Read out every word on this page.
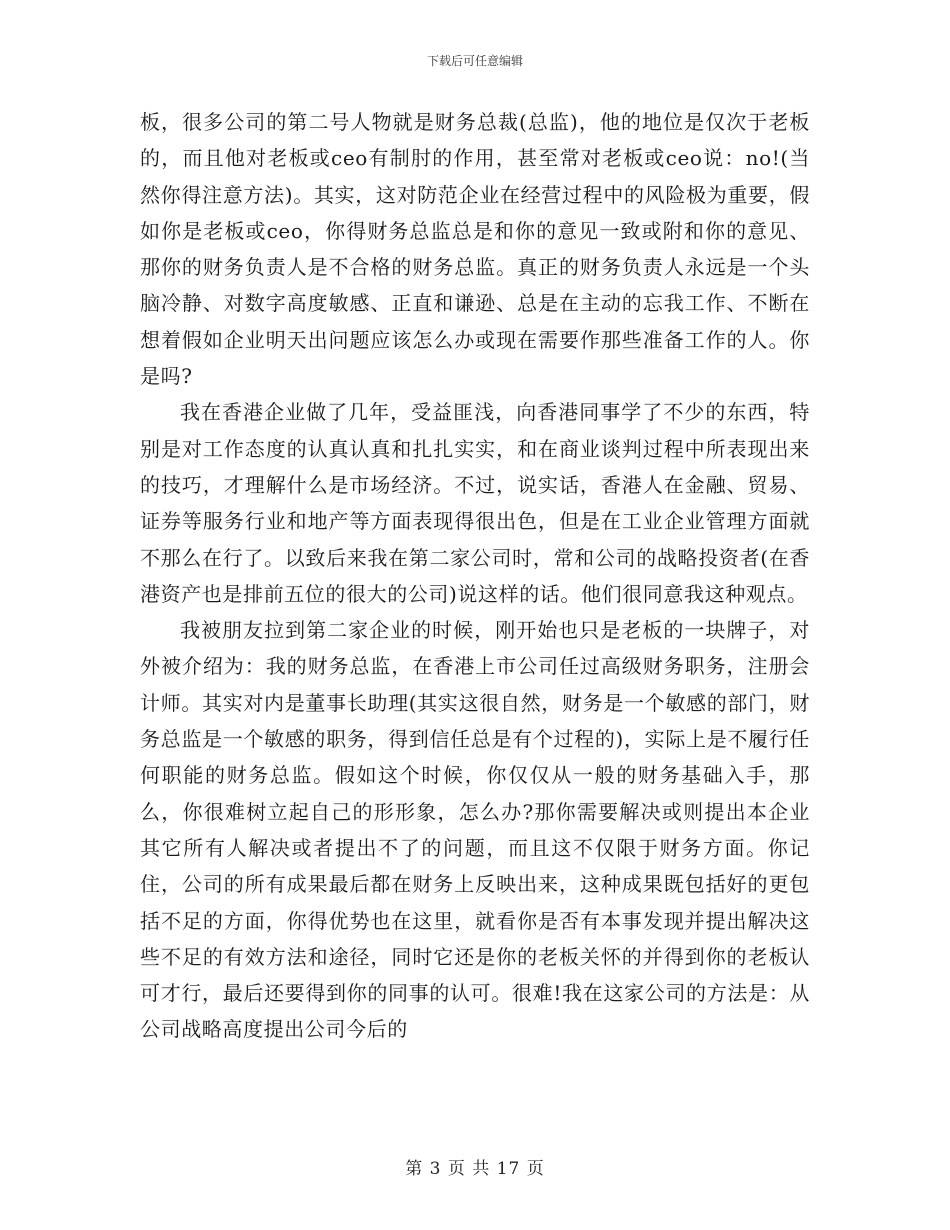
下载后可任意编辑

板，很多公司的第二号人物就是财务总裁(总监)，他的地位是仅次于老板的，而且他对老板或ceo有制肘的作用，甚至常对老板或ceo说：no!(当然你得注意方法)。其实，这对防范企业在经营过程中的风险极为重要，假如你是老板或ceo，你得财务总监总是和你的意见一致或附和你的意见、那你的财务负责人是不合格的财务总监。真正的财务负责人永远是一个头脑冷静、对数字高度敏感、正直和谦逊、总是在主动的忘我工作、不断在想着假如企业明天出问题应该怎么办或现在需要作那些准备工作的人。你是吗?

我在香港企业做了几年，受益匪浅，向香港同事学了不少的东西，特别是对工作态度的认真认真和扎扎实实，和在商业谈判过程中所表现出来的技巧，才理解什么是市场经济。不过，说实话，香港人在金融、贸易、证券等服务行业和地产等方面表现得很出色，但是在工业企业管理方面就不那么在行了。以致后来我在第二家公司时，常和公司的战略投资者(在香港资产也是排前五位的很大的公司)说这样的话。他们很同意我这种观点。

我被朋友拉到第二家企业的时候，刚开始也只是老板的一块牌子，对外被介绍为：我的财务总监，在香港上市公司任过高级财务职务，注册会计师。其实对内是董事长助理(其实这很自然，财务是一个敏感的部门，财务总监是一个敏感的职务，得到信任总是有个过程的)，实际上是不履行任何职能的财务总监。假如这个时候，你仅仅从一般的财务基础入手，那么，你很难树立起自己的形形象，怎么办?那你需要解决或则提出本企业其它所有人解决或者提出不了的问题，而且这不仅限于财务方面。你记住，公司的所有成果最后都在财务上反映出来，这种成果既包括好的更包括不足的方面，你得优势也在这里，就看你是否有本事发现并提出解决这些不足的有效方法和途径，同时它还是你的老板关怀的并得到你的老板认可才行，最后还要得到你的同事的认可。很难!我在这家公司的方法是：从公司战略高度提出公司今后的

第 3 页 共 17 页
